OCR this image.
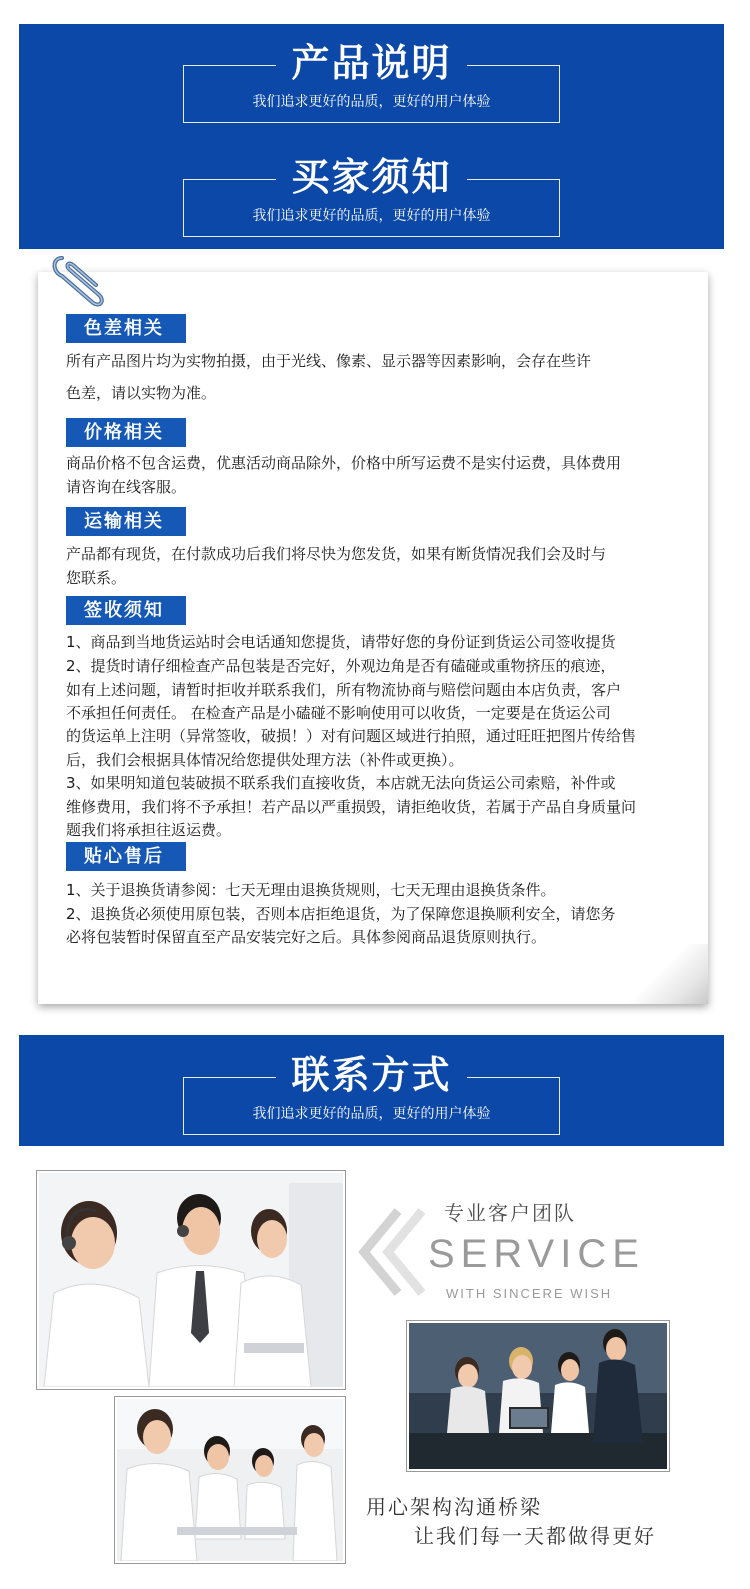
产品说明
我们追求更好的品质，更好的用户体验
买家须知
我们追求更好的品质，更好的用户体验
色差相关
所有产品图片均为实物拍摄，由于光线、像素、显示器等因素影响，会存在些许
色差，请以实物为准。
价格相关
商品价格不包含运费，优惠活动商品除外，价格中所写运费不是实付运费，具体费用
请咨询在线客服。
运输相关
产品都有现货，在付款成功后我们将尽快为您发货，如果有断货情况我们会及时与
您联系。
签收须知
1、商品到当地货运站时会电话通知您提货，请带好您的身份证到货运公司签收提货
2、提货时请仔细检查产品包装是否完好，外观边角是否有磕碰或重物挤压的痕迹，
如有上述问题，请暂时拒收并联系我们，所有物流协商与赔偿问题由本店负责，客户
不承担任何责任。 在检查产品是小磕碰不影响使用可以收货，一定要是在货运公司
的货运单上注明（异常签收，破损！）对有问题区域进行拍照，通过旺旺把图片传给售
后，我们会根据具体情况给您提供处理方法（补件或更换）。
3、如果明知道包装破损不联系我们直接收货，本店就无法向货运公司索赔，补件或
维修费用，我们将不予承担！若产品以严重损毁，请拒绝收货，若属于产品自身质量问
题我们将承担往返运费。
贴心售后
1、关于退换货请参阅：七天无理由退换货规则，七天无理由退换货条件。
2、退换货必须使用原包装，否则本店拒绝退货，为了保障您退换顺利安全，请您务
必将包装暂时保留直至产品安装完好之后。具体参阅商品退货原则执行。
联系方式
我们追求更好的品质，更好的用户体验
专业客户团队
SERVICE
WITH SINCERE WISH
用心架构沟通桥梁
让我们每一天都做得更好
